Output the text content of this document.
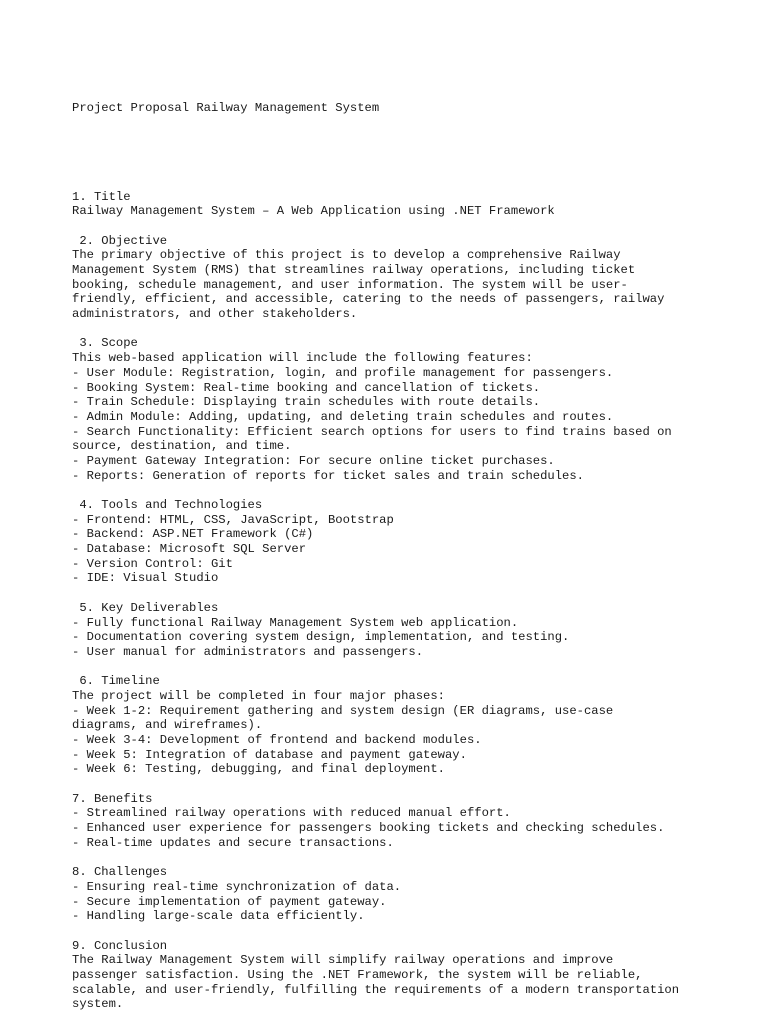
Project Proposal Railway Management System

1. Title
Railway Management System – A Web Application using .NET Framework
2. Objective
The primary objective of this project is to develop a comprehensive Railway
Management System (RMS) that streamlines railway operations, including ticket
booking, schedule management, and user information. The system will be user-
friendly, efficient, and accessible, catering to the needs of passengers, railway
administrators, and other stakeholders.
3. Scope
This web-based application will include the following features:
- User Module: Registration, login, and profile management for passengers.
- Booking System: Real-time booking and cancellation of tickets.
- Train Schedule: Displaying train schedules with route details.
- Admin Module: Adding, updating, and deleting train schedules and routes.
- Search Functionality: Efficient search options for users to find trains based on
source, destination, and time.
- Payment Gateway Integration: For secure online ticket purchases.
- Reports: Generation of reports for ticket sales and train schedules.
4. Tools and Technologies
- Frontend: HTML, CSS, JavaScript, Bootstrap
- Backend: ASP.NET Framework (C#)
- Database: Microsoft SQL Server
- Version Control: Git
- IDE: Visual Studio
5. Key Deliverables
- Fully functional Railway Management System web application.
- Documentation covering system design, implementation, and testing.
- User manual for administrators and passengers.
6. Timeline
The project will be completed in four major phases:
- Week 1-2: Requirement gathering and system design (ER diagrams, use-case
diagrams, and wireframes).
- Week 3-4: Development of frontend and backend modules.
- Week 5: Integration of database and payment gateway.
- Week 6: Testing, debugging, and final deployment.
7. Benefits
- Streamlined railway operations with reduced manual effort.
- Enhanced user experience for passengers booking tickets and checking schedules.
- Real-time updates and secure transactions.
8. Challenges
- Ensuring real-time synchronization of data.
- Secure implementation of payment gateway.
- Handling large-scale data efficiently.
9. Conclusion
The Railway Management System will simplify railway operations and improve
passenger satisfaction. Using the .NET Framework, the system will be reliable,
scalable, and user-friendly, fulfilling the requirements of a modern transportation
system.
